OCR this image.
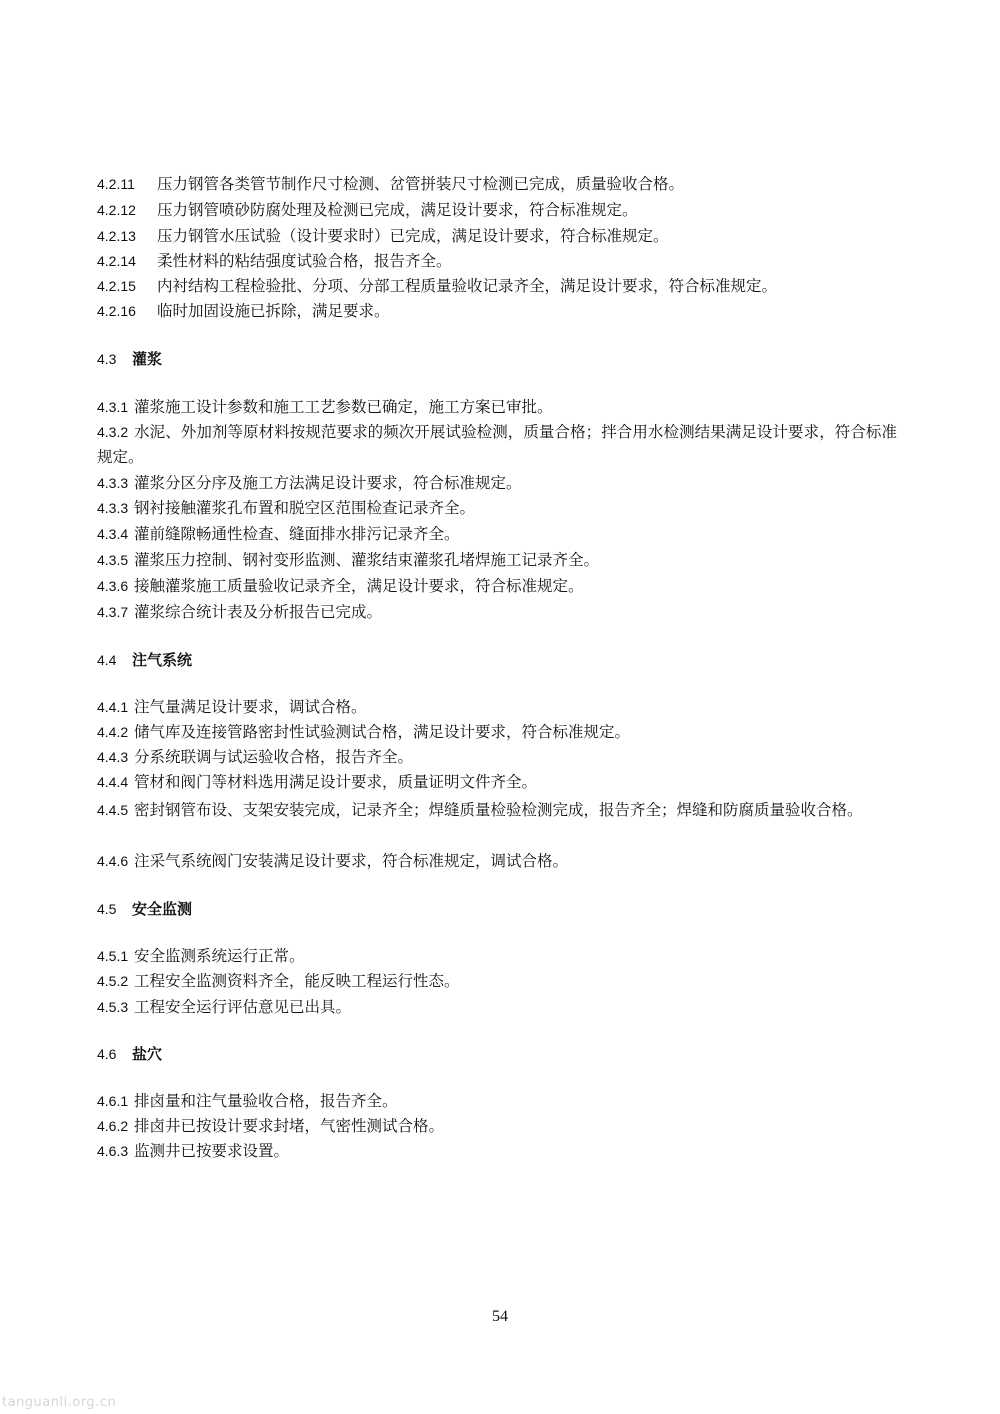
4.2.11 压力钢管各类管节制作尺寸检测、岔管拼装尺寸检测已完成，质量验收合格。
4.2.12 压力钢管喷砂防腐处理及检测已完成，满足设计要求，符合标准规定。
4.2.13 压力钢管水压试验（设计要求时）已完成，满足设计要求，符合标准规定。
4.2.14 柔性材料的粘结强度试验合格，报告齐全。
4.2.15 内衬结构工程检验批、分项、分部工程质量验收记录齐全，满足设计要求，符合标准规定。
4.2.16 临时加固设施已拆除，满足要求。
4.3 灌浆
4.3.1 灌浆施工设计参数和施工工艺参数已确定，施工方案已审批。
4.3.2 水泥、外加剂等原材料按规范要求的频次开展试验检测，质量合格；拌合用水检测结果满足设计要求，符合标准规定。
4.3.3 灌浆分区分序及施工方法满足设计要求，符合标准规定。
4.3.3 钢衬接触灌浆孔布置和脱空区范围检查记录齐全。
4.3.4 灌前缝隙畅通性检查、缝面排水排污记录齐全。
4.3.5 灌浆压力控制、钢衬变形监测、灌浆结束灌浆孔堵焊施工记录齐全。
4.3.6 接触灌浆施工质量验收记录齐全，满足设计要求，符合标准规定。
4.3.7 灌浆综合统计表及分析报告已完成。
4.4 注气系统
4.4.1 注气量满足设计要求，调试合格。
4.4.2 储气库及连接管路密封性试验测试合格，满足设计要求，符合标准规定。
4.4.3 分系统联调与试运验收合格，报告齐全。
4.4.4 管材和阀门等材料选用满足设计要求，质量证明文件齐全。
4.4.5 密封钢管布设、支架安装完成，记录齐全；焊缝质量检验检测完成，报告齐全；焊缝和防腐质量验收合格。
4.4.6 注采气系统阀门安装满足设计要求，符合标准规定，调试合格。
4.5 安全监测
4.5.1 安全监测系统运行正常。
4.5.2 工程安全监测资料齐全，能反映工程运行性态。
4.5.3 工程安全运行评估意见已出具。
4.6 盐穴
4.6.1 排卤量和注气量验收合格，报告齐全。
4.6.2 排卤井已按设计要求封堵，气密性测试合格。
4.6.3 监测井已按要求设置。
54
tanguanli.org.cn
